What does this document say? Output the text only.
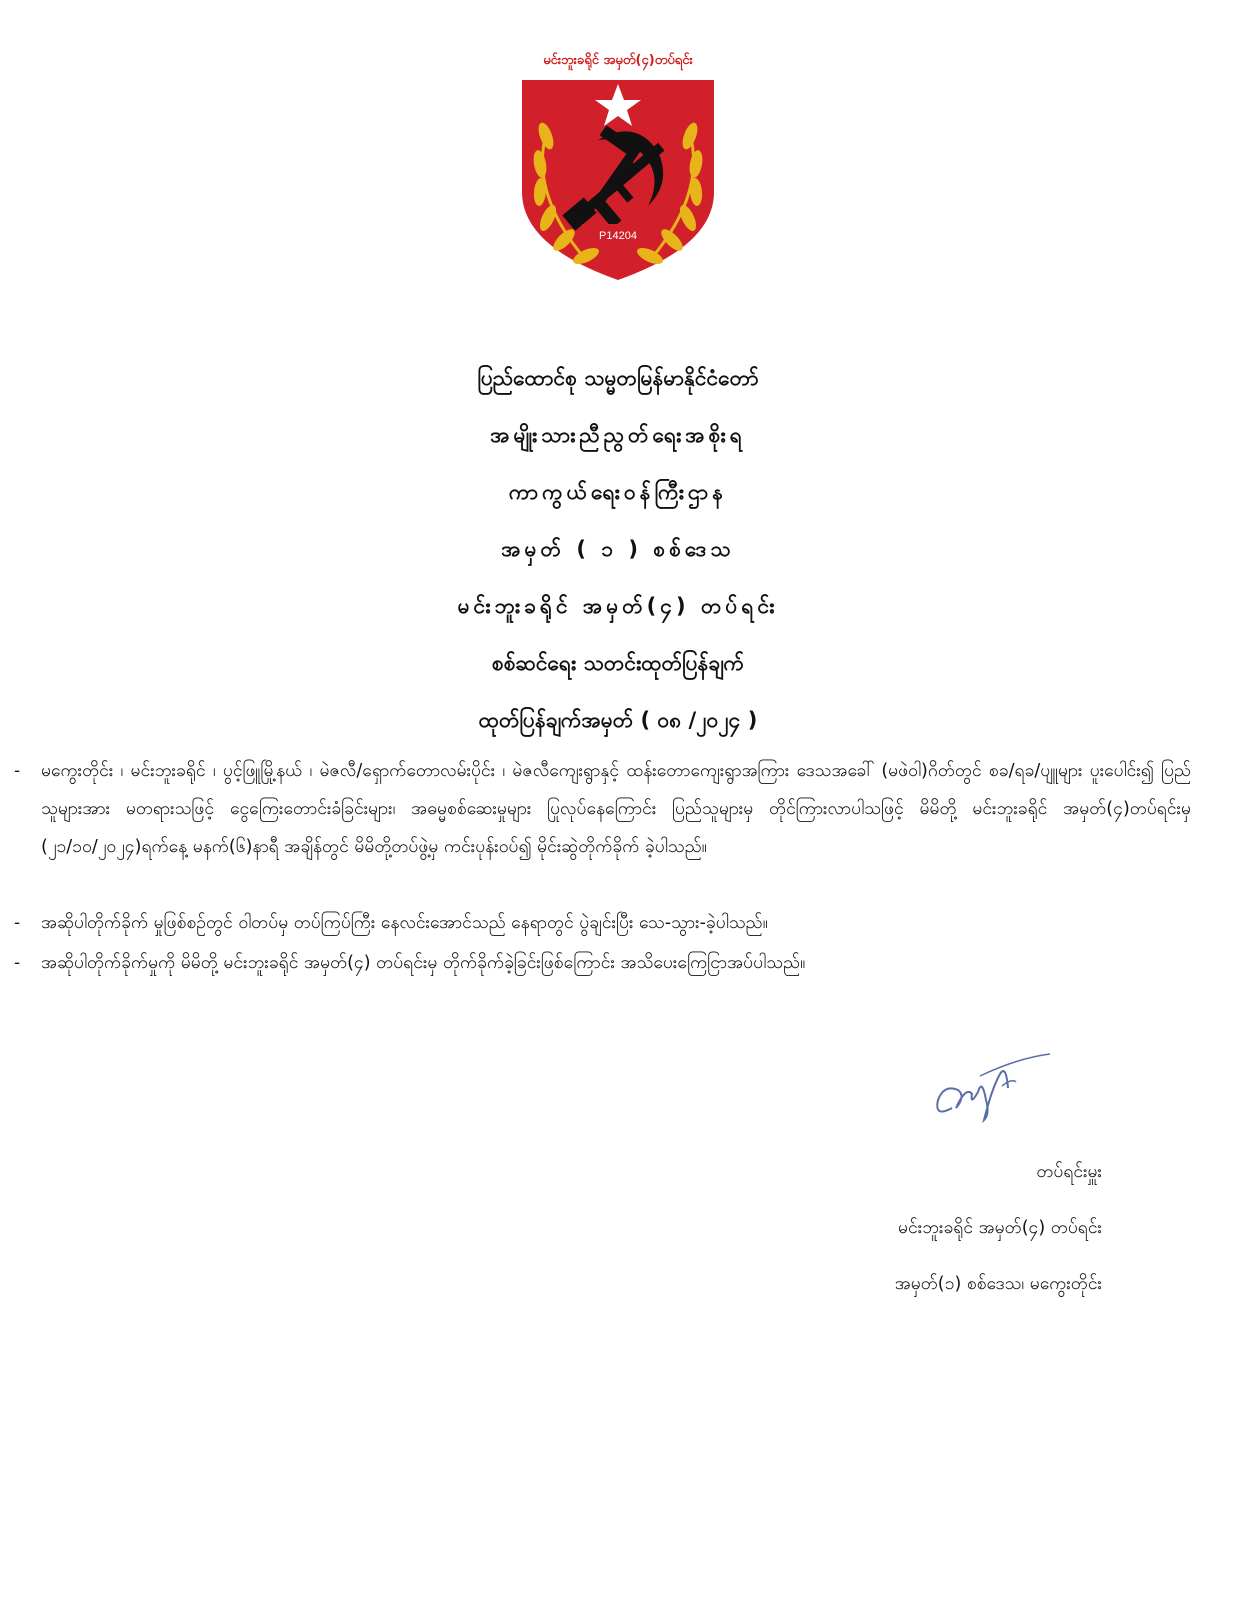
မင်းဘူးခရိုင် အမှတ်(၄)တပ်ရင်း
P14204
ပြည်ထောင်စု သမ္မတမြန်မာနိုင်ငံတော်
အမျိုးသားညီညွတ်ရေးအစိုးရ
ကာကွယ်ရေးဝန်ကြီးဌာန
အမှတ် ( ၁ ) စစ်ဒေသ
မင်းဘူးခရိုင် အမှတ်(၄) တပ်ရင်း
စစ်ဆင်ရေး သတင်းထုတ်ပြန်ချက်
ထုတ်ပြန်ချက်အမှတ် ( ၀၈ /၂၀၂၄ )
- မကွေးတိုင်း ၊ မင်းဘူးခရိုင် ၊ ပွင့်ဖြူမြို့နယ် ၊ မဲဇလီ/ရှောက်တောလမ်းပိုင်း ၊ မဲဇလီကျေးရွာနှင့် ထန်းတောကျေးရွာအကြား ဒေသအခေါ် (မဖဲဝါ)ဂိတ်တွင် စခ/ရခ/ပျူများ ပူးပေါင်း၍ ပြည်သူများအား မတရားသဖြင့် ငွေကြေးတောင်းခံခြင်းများ၊ အဓမ္မစစ်ဆေးမှုများ ပြုလုပ်နေကြောင်း ပြည်သူများမှ တိုင်ကြားလာပါသဖြင့် မိမိတို့ မင်းဘူးခရိုင် အမှတ်(၄)တပ်ရင်းမှ (၂၁/၁၀/၂၀၂၄)ရက်နေ့ မနက်(၆)နာရီ အချိန်တွင် မိမိတို့တပ်ဖွဲ့မှ ကင်းပုန်းဝပ်၍ မိုင်းဆွဲတိုက်ခိုက် ခဲ့ပါသည်။
- အဆိုပါတိုက်ခိုက် မှုဖြစ်စဉ်တွင် ဝါတပ်မှ တပ်ကြပ်ကြီး နေလင်းအောင်သည် နေရာတွင် ပွဲချင်းပြီး သေ-သွား-ခဲ့ပါသည်။
- အဆိုပါတိုက်ခိုက်မှုကို မိမိတို့ မင်းဘူးခရိုင် အမှတ်(၄) တပ်ရင်းမှ တိုက်ခိုက်ခဲ့ခြင်းဖြစ်ကြောင်း အသိပေးကြေငြာအပ်ပါသည်။
တပ်ရင်းမှူး
မင်းဘူးခရိုင် အမှတ်(၄) တပ်ရင်း
အမှတ်(၁) စစ်ဒေသ၊ မကွေးတိုင်း
